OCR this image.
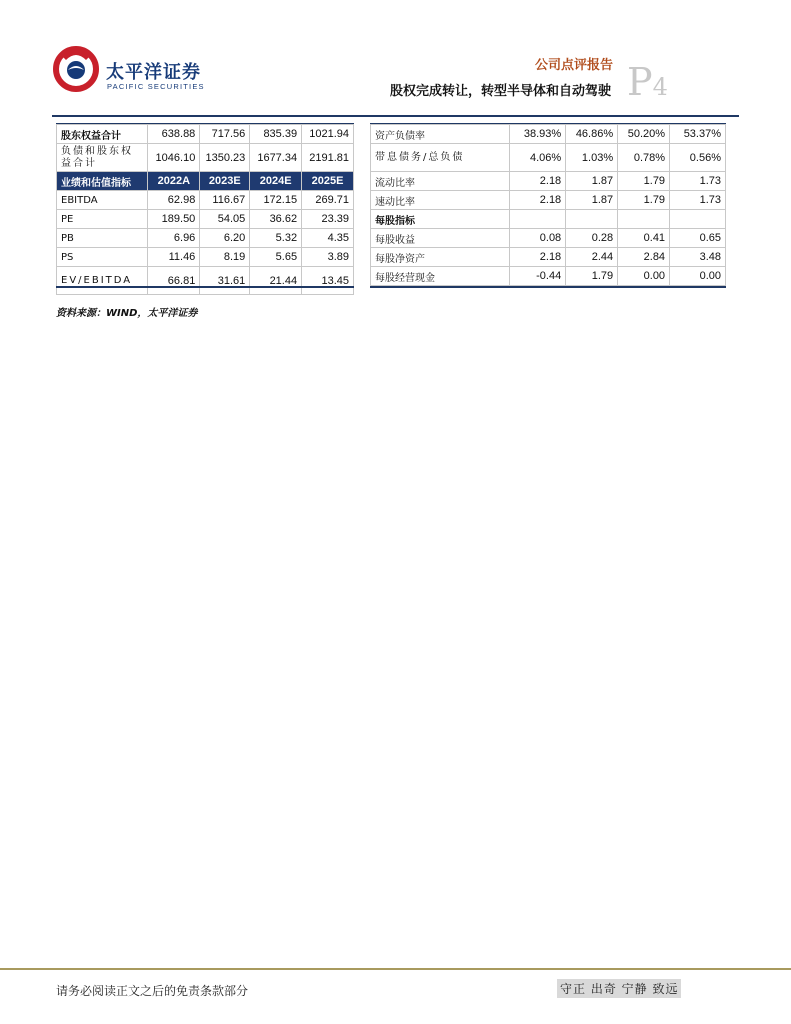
太平洋证券
PACIFIC SECURITIES
公司点评报告
股权完成转让，转型半导体和自动驾驶 P4
股东权益合计	638.88	717.56	835.39	1021.94
负债和股东权益合计	1046.10	1350.23	1677.34	2191.81
业绩和估值指标	2022A	2023E	2024E	2025E
EBITDA	62.98	116.67	172.15	269.71
PE	189.50	54.05	36.62	23.39
PB	6.96	6.20	5.32	4.35
PS	11.46	8.19	5.65	3.89
EV/EBITDA	66.81	31.61	21.44	13.45
资产负债率	38.93%	46.86%	50.20%	53.37%
带息债务/总负债	4.06%	1.03%	0.78%	0.56%
流动比率	2.18	1.87	1.79	1.73
速动比率	2.18	1.87	1.79	1.73
每股指标				
每股收益	0.08	0.28	0.41	0.65
每股净资产	2.18	2.44	2.84	3.48
每股经营现金	-0.44	1.79	0.00	0.00
资料来源：WIND，太平洋证券
请务必阅读正文之后的免责条款部分	守正 出奇 宁静 致远
